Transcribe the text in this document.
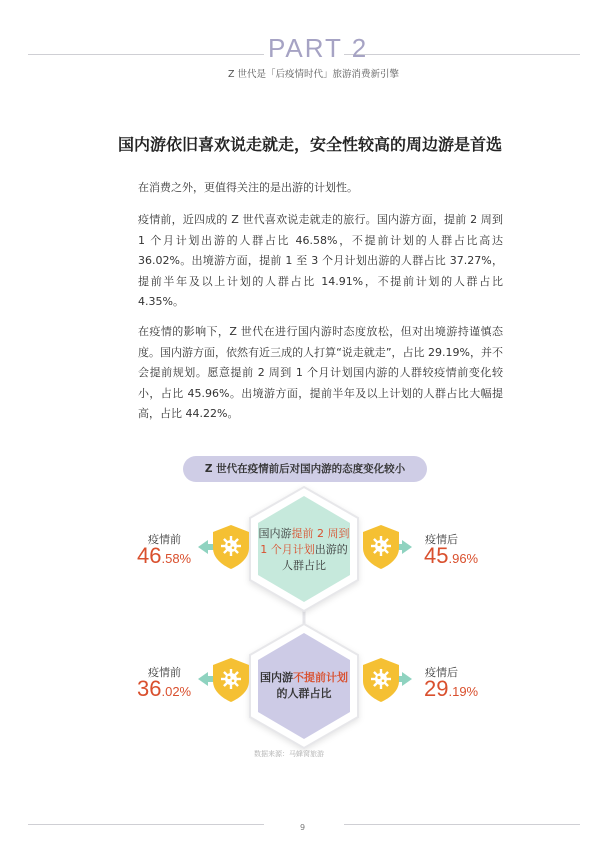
PART 2
Z 世代是「后疫情时代」旅游消费新引擎
国内游依旧喜欢说走就走，安全性较高的周边游是首选
在消费之外，更值得关注的是出游的计划性。
疫情前，近四成的 Z 世代喜欢说走就走的旅行。国内游方面，提前 2 周到 1 个月计划出游的人群占比 46.58%，不提前计划的人群占比高达 36.02%。出境游方面，提前 1 至 3 个月计划出游的人群占比 37.27%，提前半年及以上计划的人群占比 14.91%，不提前计划的人群占比 4.35%。
在疫情的影响下，Z 世代在进行国内游时态度放松，但对出境游持谨慎态度。国内游方面，依然有近三成的人打算“说走就走”，占比 29.19%，并不会提前规划。愿意提前 2 周到 1 个月计划国内游的人群较疫情前变化较小，占比 45.96%。出境游方面，提前半年及以上计划的人群占比大幅提高，占比 44.22%。
Z 世代在疫情前后对国内游的态度变化较小
疫情前
46.58%
疫情后
45.96%
国内游提前 2 周到
1 个月计划出游的
人群占比
疫情前
36.02%
疫情后
29.19%
国内游不提前计划
的人群占比
数据来源：马蜂窝旅游
9
